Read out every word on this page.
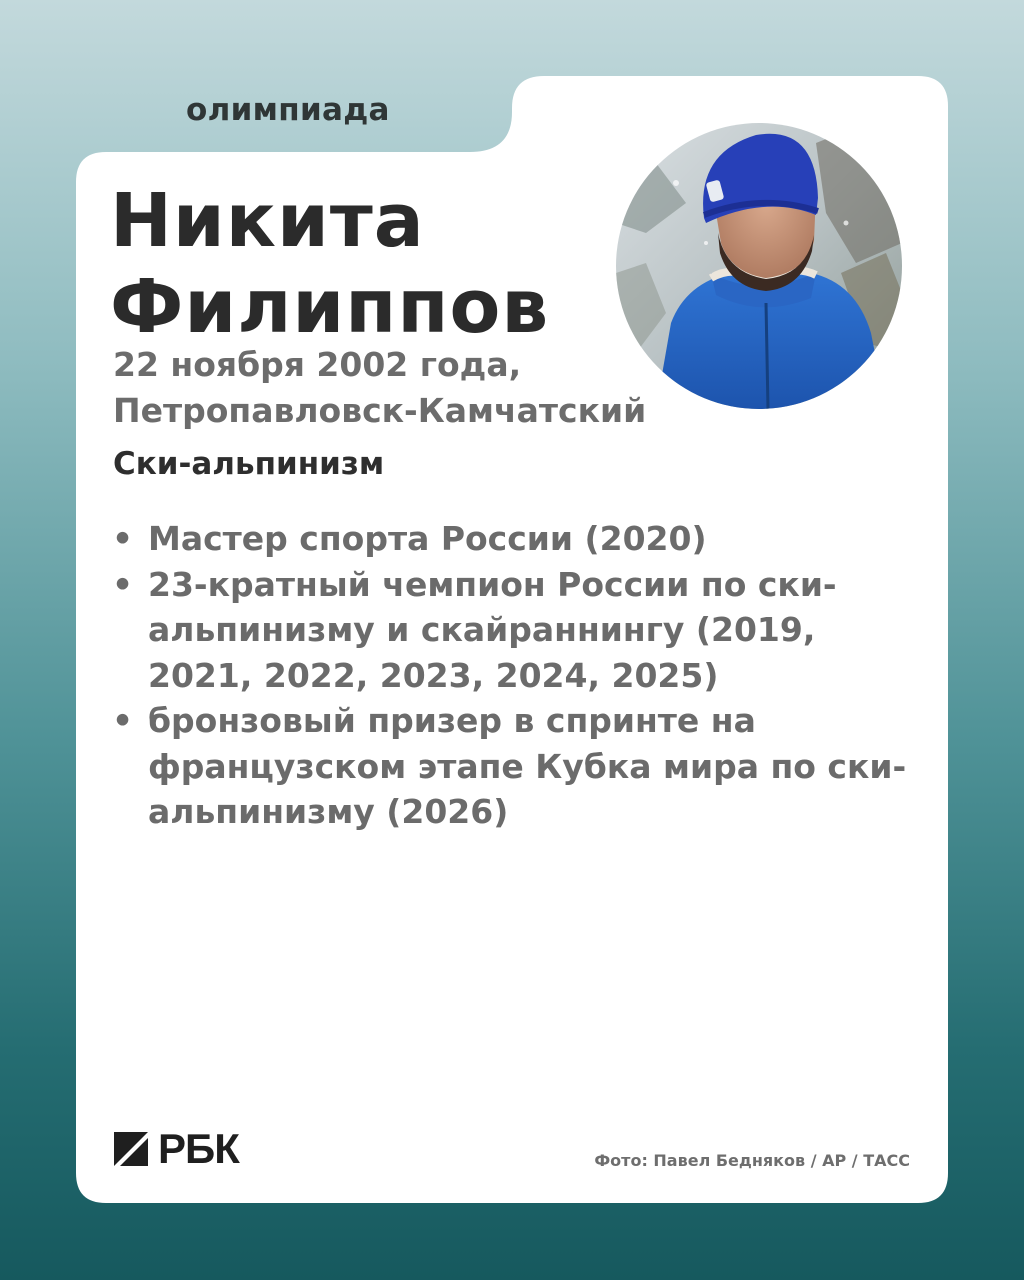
олимпиада
Никита
Филиппов
22 ноября 2002 года,
Петропавловск-Камчатский
Ски-альпинизм
• Мастер спорта России (2020)
• 23-кратный чемпион России по ски-альпинизму и скайраннингу (2019, 2021, 2022, 2023, 2024, 2025)
• бронзовый призер в спринте на французском этапе Кубка мира по ски-альпинизму (2026)
РБК	Фото: Павел Бедняков / АР / ТАСС
